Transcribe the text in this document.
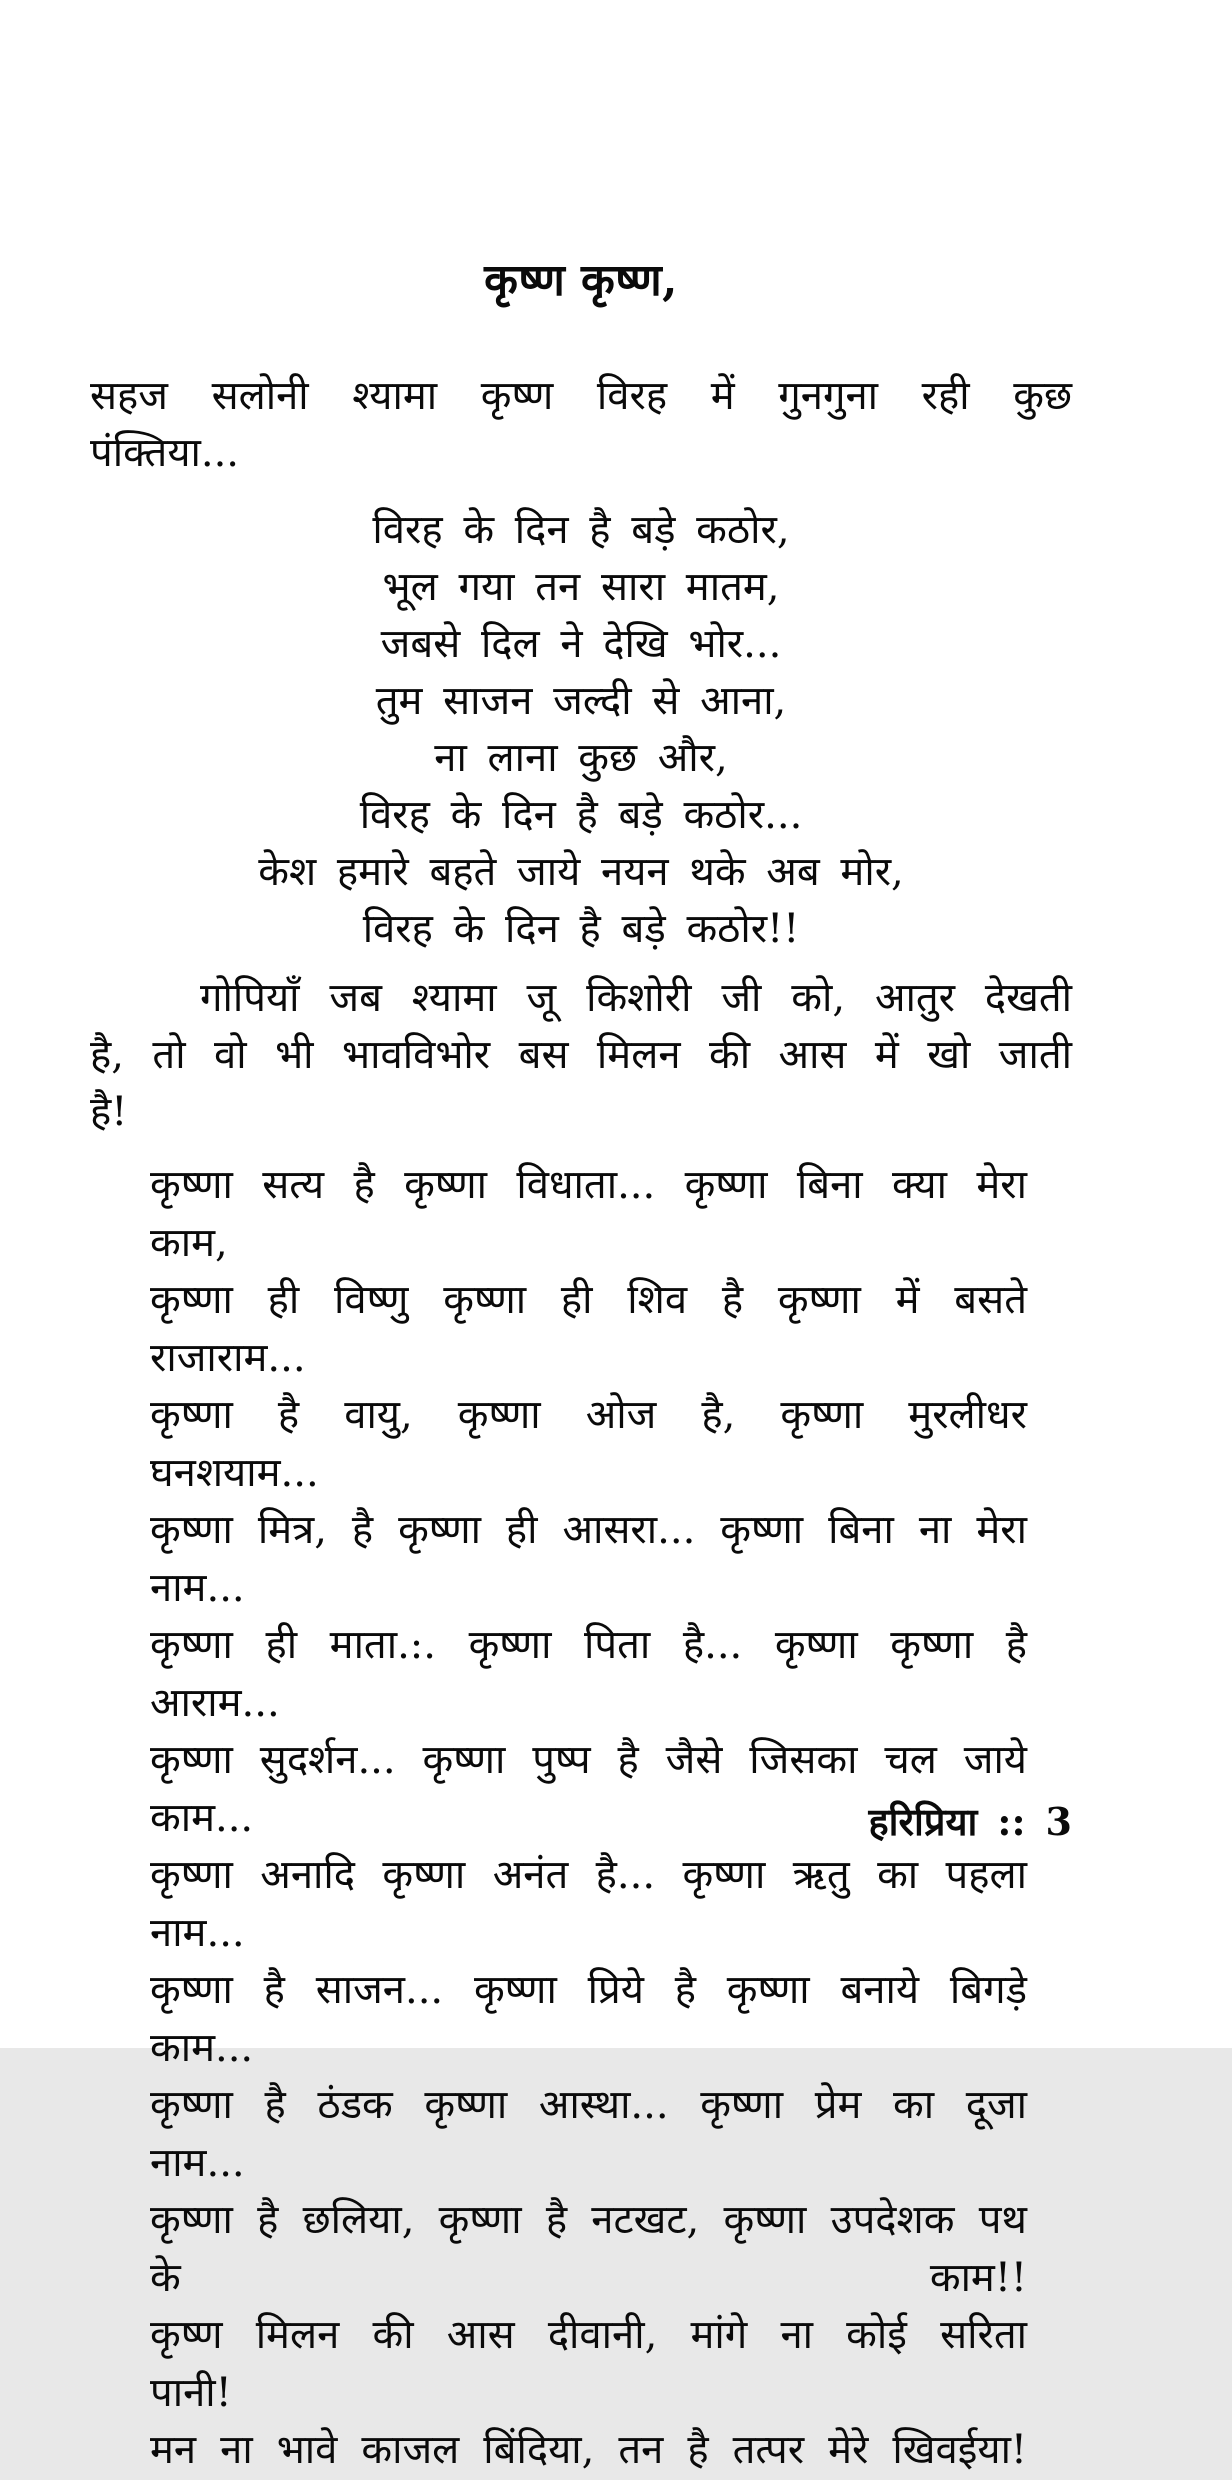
कृष्ण कृष्ण,

सहज सलोनी श्यामा कृष्ण विरह में गुनगुना रही कुछ पंक्तिया...

विरह के दिन है बड़े कठोर,
भूल गया तन सारा मातम,
जबसे दिल ने देखि भोर...
तुम साजन जल्दी से आना,
ना लाना कुछ और,
विरह के दिन है बड़े कठोर...
केश हमारे बहते जाये नयन थके अब मोर,
विरह के दिन है बड़े कठोर!!

गोपियाँ जब श्यामा जू किशोरी जी को, आतुर देखती है, तो वो भी भावविभोर बस मिलन की आस में खो जाती है!

कृष्णा सत्य है कृष्णा विधाता... कृष्णा बिना क्या मेरा काम,
कृष्णा ही विष्णु कृष्णा ही शिव है कृष्णा में बसते राजाराम...
कृष्णा है वायु, कृष्णा ओज है, कृष्णा मुरलीधर घनशयाम...
कृष्णा मित्र, है कृष्णा ही आसरा... कृष्णा बिना ना मेरा नाम...
कृष्णा ही माता.:. कृष्णा पिता है... कृष्णा कृष्णा है आराम...
कृष्णा सुदर्शन... कृष्णा पुष्प है जैसे जिसका चल जाये काम...
कृष्णा अनादि कृष्णा अनंत है... कृष्णा ऋतु का पहला नाम...
कृष्णा है साजन... कृष्णा प्रिये है कृष्णा बनाये बिगड़े काम...
कृष्णा है ठंडक कृष्णा आस्था... कृष्णा प्रेम का दूजा नाम...
कृष्णा है छलिया, कृष्णा है नटखट, कृष्णा उपदेशक पथ के काम!!
कृष्ण मिलन की आस दीवानी, मांगे ना कोई सरिता पानी!
मन ना भावे काजल बिंदिया, तन है तत्पर मेरे खिवईया!
हरिप्रिया :: 3
